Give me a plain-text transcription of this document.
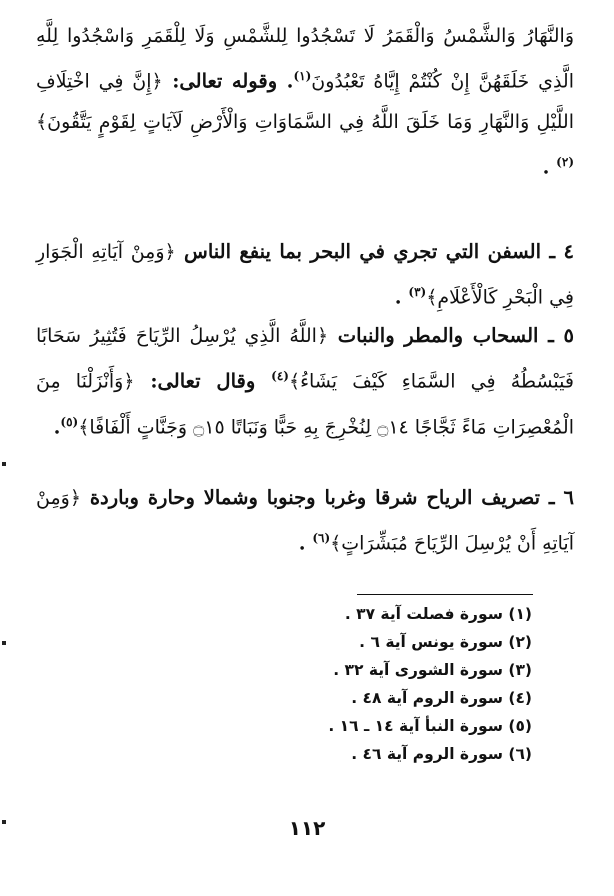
وَالنَّهَارُ وَالشَّمْسُ وَالْقَمَرُ لَا تَسْجُدُوا لِلشَّمْسِ وَلَا لِلْقَمَرِ وَاسْجُدُوا لِلَّهِ الَّذِي خَلَقَهُنَّ إِنْ كُنْتُمْ إِيَّاهُ تَعْبُدُونَ$^{(١)}$. وقوله تعالى: ﴿إِنَّ فِي اخْتِلَافِ اللَّيْلِ وَالنَّهَارِ وَمَا خَلَقَ اللَّهُ فِي السَّمَاوَاتِ وَالْأَرْضِ لَآيَاتٍ لِقَوْمٍ يَتَّقُونَ﴾$^{(٢)}$ .

٤ ـ السفن التي تجري في البحر بما ينفع الناس ﴿وَمِنْ آيَاتِهِ الْجَوَارِ فِي الْبَحْرِ كَالْأَعْلَامِ﴾$^{(٣)}$ .

٥ ـ السحاب والمطر والنبات ﴿اللَّهُ الَّذِي يُرْسِلُ الرِّيَاحَ فَتُثِيرُ سَحَابًا فَيَبْسُطُهُ فِي السَّمَاءِ كَيْفَ يَشَاءُ﴾$^{(٤)}$ وقال تعالى: ﴿وَأَنْزَلْنَا مِنَ الْمُعْصِرَاتِ مَاءً ثَجَّاجًا ۝١٤ لِنُخْرِجَ بِهِ حَبًّا وَنَبَاتًا ۝١٥ وَجَنَّاتٍ أَلْفَافًا﴾$^{(٥)}$.

٦ ـ تصريف الرياح شرقا وغربا وجنوبا وشمالا وحارة وباردة ﴿وَمِنْ آيَاتِهِ أَنْ يُرْسِلَ الرِّيَاحَ مُبَشِّرَاتٍ﴾$^{(٦)}$ .

(١) سورة فصلت آية ٣٧ .
(٢) سورة يونس آية ٦ .
(٣) سورة الشورى آية ٣٢ .
(٤) سورة الروم آية ٤٨ .
(٥) سورة النبأ آية ١٤ ـ ١٦ .
(٦) سورة الروم آية ٤٦ .
١١٢
